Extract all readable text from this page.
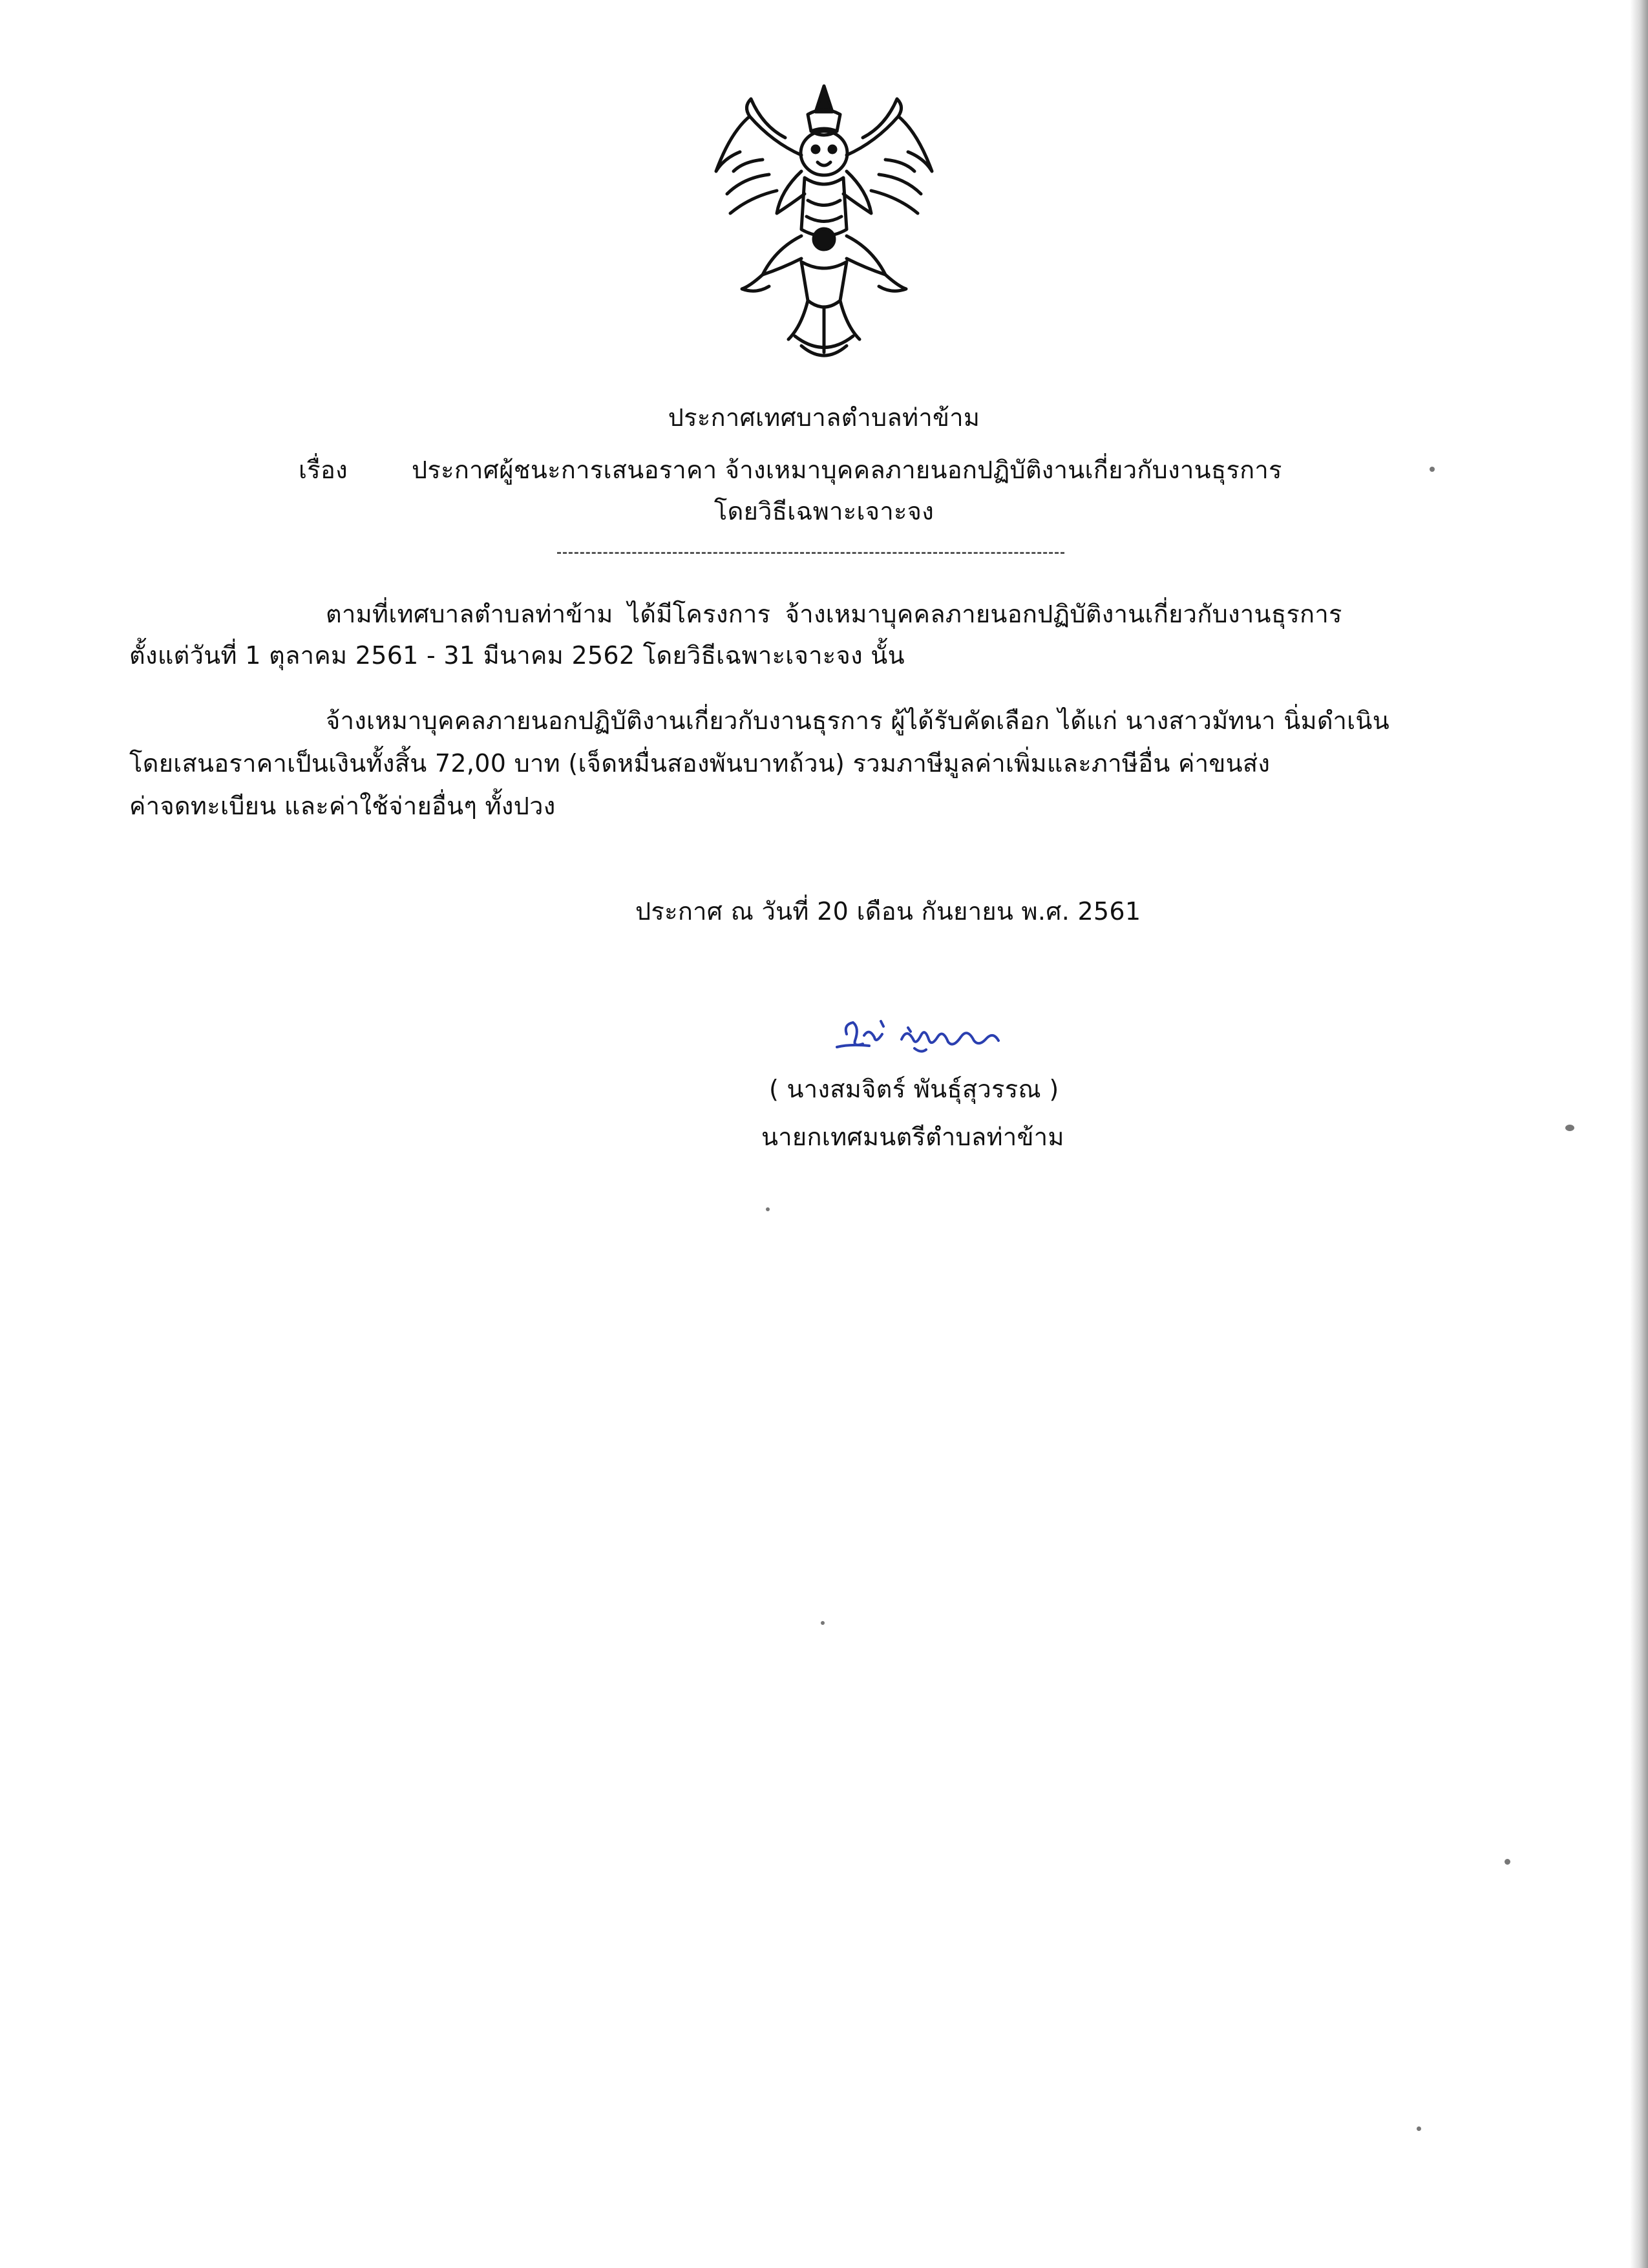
ประกาศเทศบาลตำบลท่าข้าม
เรื่อง	ประกาศผู้ชนะการเสนอราคา จ้างเหมาบุคคลภายนอกปฏิบัติงานเกี่ยวกับงานธุรการ
โดยวิธีเฉพาะเจาะจง
ตามที่เทศบาลตำบลท่าข้าม ได้มีโครงการ จ้างเหมาบุคคลภายนอกปฏิบัติงานเกี่ยวกับงานธุรการ
ตั้งแต่วันที่ 1 ตุลาคม 2561 - 31 มีนาคม 2562 โดยวิธีเฉพาะเจาะจง นั้น
จ้างเหมาบุคคลภายนอกปฏิบัติงานเกี่ยวกับงานธุรการ ผู้ได้รับคัดเลือก ได้แก่ นางสาวมัทนา นิ่มดำเนิน
โดยเสนอราคาเป็นเงินทั้งสิ้น 72,00 บาท (เจ็ดหมื่นสองพันบาทถ้วน) รวมภาษีมูลค่าเพิ่มและภาษีอื่น ค่าขนส่ง
ค่าจดทะเบียน และค่าใช้จ่ายอื่นๆ ทั้งปวง
ประกาศ ณ วันที่ 20 เดือน กันยายน พ.ศ. 2561
( นางสมจิตร์ พันธุ์สุวรรณ )
นายกเทศมนตรีตำบลท่าข้าม
